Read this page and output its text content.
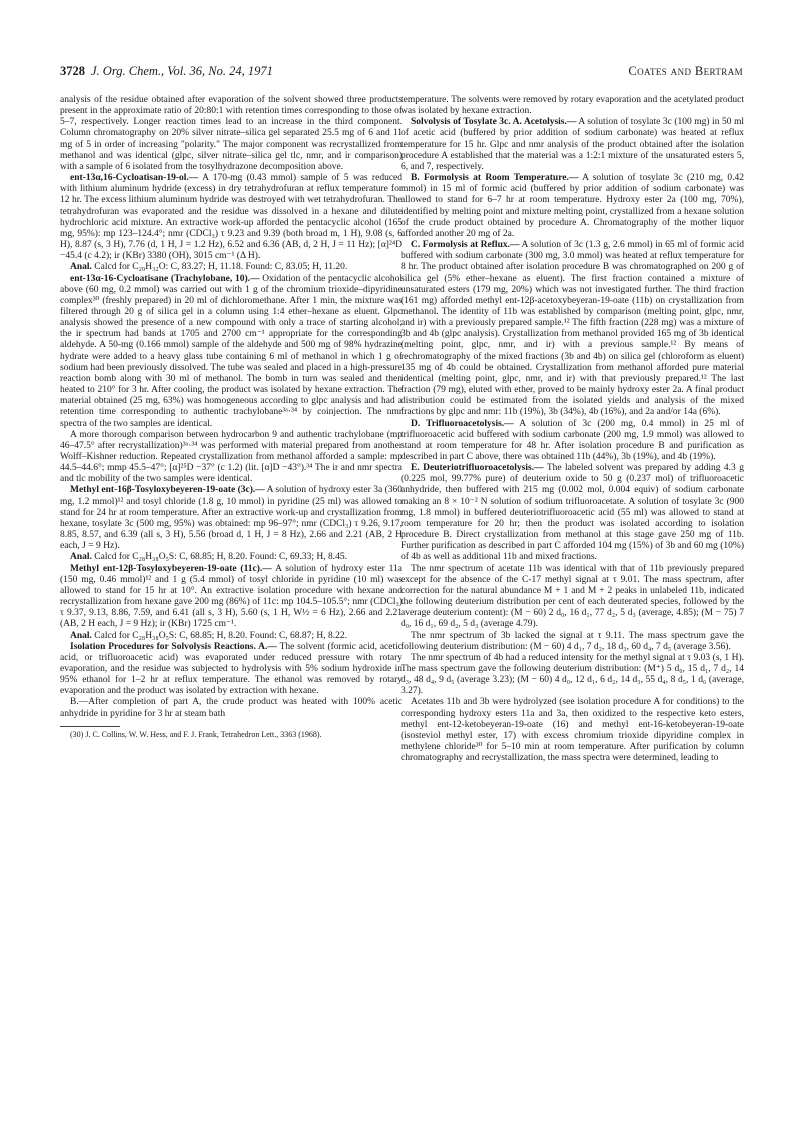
3728 J. Org. Chem., Vol. 36, No. 24, 1971	Coates and Bertram

analysis of the residue obtained after evaporation of the solvent showed three products present in the approximate ratio of 20:80:1 with retention times corresponding to those of 5–7, respectively. Longer reaction times lead to an increase in the third component. Column chromatography on 20% silver nitrate–silica gel separated 25.5 mg of 6 and 11 mg of 5 in order of increasing "polarity." The major component was recrystallized from methanol and was identical (glpc, silver nitrate–silica gel tlc, nmr, and ir comparison) with a sample of 6 isolated from the tosylhydrazone decomposition above.

ent-13α,16-Cycloatisan-19-ol.— A 170-mg (0.43 mmol) sample of 5 was reduced with lithium aluminum hydride (excess) in dry tetrahydrofuran at reflux temperature for 12 hr. The excess lithium aluminum hydride was destroyed with wet tetrahydrofuran. The tetrahydrofuran was evaporated and the residue was dissolved in a hexane and dilute hydrochloric acid mixture. An extractive work-up afforded the pentacyclic alcohol (165 mg, 95%): mp 123–124.4°; nmr (CDCl₃) τ 9.23 and 9.39 (both broad m, 1 H), 9.08 (s, 6 H), 8.87 (s, 3 H), 7.76 (d, 1 H, J = 1.2 Hz), 6.52 and 6.36 (AB, d, 2 H, J = 11 Hz); [α]²⁴D −45.4 (c 4.2); ir (KBr) 3380 (OH), 3015 cm⁻¹ (Δ H).

Anal. Calcd for C₂₀H₃₂O: C, 83.27; H, 11.18. Found: C, 83.05; H, 11.20.

ent-13α-16-Cycloatisane (Trachylobane, 10).— Oxidation of the pentacyclic alcohol above (60 mg, 0.2 mmol) was carried out with 1 g of the chromium trioxide–dipyridine complex³⁰ (freshly prepared) in 20 ml of dichloromethane. After 1 min, the mixture was filtered through 20 g of silica gel in a column using 1:4 ether–hexane as eluent. Glpc analysis showed the presence of a new compound with only a trace of starting alcohol; the ir spectrum had bands at 1705 and 2700 cm⁻¹ appropriate for the corresponding aldehyde. A 50-mg (0.166 mmol) sample of the aldehyde and 500 mg of 98% hydrazine hydrate were added to a heavy glass tube containing 6 ml of methanol in which 1 g of sodium had been previously dissolved. The tube was sealed and placed in a high-pressure reaction bomb along with 30 ml of methanol. The bomb in turn was sealed and then heated to 210° for 3 hr. After cooling, the product was isolated by hexane extraction. The material obtained (25 mg, 63%) was homogeneous according to glpc analysis and had a retention time corresponding to authentic trachylobane³ᵃ·³⁴ by coinjection. The nmr spectra of the two samples are identical.

A more thorough comparison between hydrocarbon 9 and authentic trachylobane (mp 46–47.5° after recrystallization)³ᵃ·³⁴ was performed with material prepared from another Wolff–Kishner reduction. Repeated crystallization from methanol afforded a sample: mp 44.5–44.6°; mmp 45.5–47°; [α]²⁵D −37° (c 1.2) (lit. [α]D −43°).³⁴ The ir and nmr spectra and tlc mobility of the two samples were identical.

Methyl ent-16β-Tosyloxybeyeren-19-oate (3c).— A solution of hydroxy ester 3a (360 mg, 1.2 mmol)¹² and tosyl chloride (1.8 g, 10 mmol) in pyridine (25 ml) was allowed to stand for 24 hr at room temperature. After an extractive work-up and crystallization from hexane, tosylate 3c (500 mg, 95%) was obtained: mp 96–97°; nmr (CDCl₃) τ 9.26, 9.17, 8.85, 8.57, and 6.39 (all s, 3 H), 5.56 (broad d, 1 H, J = 8 Hz), 2.66 and 2.21 (AB, 2 H each, J = 9 Hz).

Anal. Calcd for C₂₈H₃₈O₅S: C, 68.85; H, 8.20. Found: C, 69.33; H, 8.45.

Methyl ent-12β-Tosyloxybeyeren-19-oate (11c).— A solution of hydroxy ester 11a (150 mg, 0.46 mmol)¹² and 1 g (5.4 mmol) of tosyl chloride in pyridine (10 ml) was allowed to stand for 15 hr at 10°. An extractive isolation procedure with hexane and recrystallization from hexane gave 200 mg (86%) of 11c: mp 104.5–105.5°; nmr (CDCl₃) τ 9.37, 9.13, 8.86, 7.59, and 6.41 (all s, 3 H), 5.60 (s, 1 H, W½ = 6 Hz), 2.66 and 2.21 (AB, 2 H each, J = 9 Hz); ir (KBr) 1725 cm⁻¹.

Anal. Calcd for C₂₈H₃₈O₅S: C, 68.85; H, 8.20. Found: C, 68.87; H, 8.22.

Isolation Procedures for Solvolysis Reactions. A.— The solvent (formic acid, acetic acid, or trifluoroacetic acid) was evaporated under reduced pressure with rotary evaporation, and the residue was subjected to hydrolysis with 5% sodium hydroxide in 95% ethanol for 1–2 hr at reflux temperature. The ethanol was removed by rotary evaporation and the product was isolated by extraction with hexane.

B.—After completion of part A, the crude product was heated with 100% acetic anhydride in pyridine for 3 hr at steam bath

(30) J. C. Collins, W. W. Hess, and F. J. Frank, Tetrahedron Lett., 3363 (1968).

temperature. The solvents were removed by rotary evaporation and the acetylated product was isolated by hexane extraction.

Solvolysis of Tosylate 3c. A. Acetolysis.— A solution of tosylate 3c (100 mg) in 50 ml of acetic acid (buffered by prior addition of sodium carbonate) was heated at reflux temperature for 15 hr. Glpc and nmr analysis of the product obtained after the isolation procedure A established that the material was a 1:2:1 mixture of the unsaturated esters 5, 6, and 7, respectively.

B. Formolysis at Room Temperature.— A solution of tosylate 3c (210 mg, 0.42 mmol) in 15 ml of formic acid (buffered by prior addition of sodium carbonate) was allowed to stand for 6–7 hr at room temperature. Hydroxy ester 2a (100 mg, 70%), identified by melting point and mixture melting point, crystallized from a hexane solution of the crude product obtained by procedure A. Chromatography of the mother liquor afforded another 20 mg of 2a.

C. Formolysis at Reflux.— A solution of 3c (1.3 g, 2.6 mmol) in 65 ml of formic acid buffered with sodium carbonate (300 mg, 3.0 mmol) was heated at reflux temperature for 8 hr. The product obtained after isolation procedure B was chromatographed on 200 g of silica gel (5% ether–hexane as eluent). The first fraction contained a mixture of unsaturated esters (179 mg, 20%) which was not investigated further. The third fraction (161 mg) afforded methyl ent-12β-acetoxybeyeran-19-oate (11b) on crystallization from methanol. The identity of 11b was established by comparison (melting point, glpc, nmr, and ir) with a previously prepared sample.¹² The fifth fraction (228 mg) was a mixture of 3b and 4b (glpc analysis). Crystallization from methanol provided 165 mg of 3b identical (melting point, glpc, nmr, and ir) with a previous sample.¹² By means of rechromatography of the mixed fractions (3b and 4b) on silica gel (chloroform as eluent) 135 mg of 4b could be obtained. Crystallization from methanol afforded pure material identical (melting point, glpc, nmr, and ir) with that previously prepared.¹² The last fraction (79 mg), eluted with ether, proved to be mainly hydroxy ester 2a. A final product distribution could be estimated from the isolated yields and analysis of the mixed fractions by glpc and nmr: 11b (19%), 3b (34%), 4b (16%), and 2a and/or 14a (6%).

D. Trifluoroacetolysis.— A solution of 3c (200 mg, 0.4 mmol) in 25 ml of trifluoroacetic acid buffered with sodium carbonate (200 mg, 1.9 mmol) was allowed to stand at room temperature for 48 hr. After isolation procedure B and purification as described in part C above, there was obtained 11b (44%), 3b (19%), and 4b (19%).

E. Deuteriotrifluoroacetolysis.— The labeled solvent was prepared by adding 4.3 g (0.225 mol, 99.77% pure) of deuterium oxide to 50 g (0.237 mol) of trifluoroacetic anhydride, then buffered with 215 mg (0.002 mol, 0.004 equiv) of sodium carbonate making an 8 × 10⁻² N solution of sodium trifluoroacetate. A solution of tosylate 3c (900 mg, 1.8 mmol) in buffered deuteriotrifluoroacetic acid (55 ml) was allowed to stand at room temperature for 20 hr; then the product was isolated according to isolation procedure B. Direct crystallization from methanol at this stage gave 250 mg of 11b. Further purification as described in part C afforded 104 mg (15%) of 3b and 60 mg (10%) of 4b as well as additional 11b and mixed fractions.

The nmr spectrum of acetate 11b was identical with that of 11b previously prepared except for the absence of the C-17 methyl signal at τ 9.01. The mass spectrum, after correction for the natural abundance M + 1 and M + 2 peaks in unlabeled 11b, indicated the following deuterium distribution per cent of each deuterated species, followed by the average deuterium content): (M − 60) 2 d₀, 16 d₁, 77 d₂, 5 d₃ (average, 4.85); (M − 75) 7 d₀, 16 d₁, 69 d₂, 5 d₃ (average 4.79).

The nmr spectrum of 3b lacked the signal at τ 9.11. The mass spectrum gave the following deuterium distribution: (M − 60) 4 d₁, 7 d₂, 18 d₃, 60 d₄, 7 d₅ (average 3.56).

The nmr spectrum of 4b had a reduced intensity for the methyl signal at τ 9.03 (s, 1 H). The mass spectrum gave the following deuterium distribution: (M⁺) 5 d₀, 15 d₁, 7 d₂, 14 d₃, 48 d₄, 9 d₅ (average 3.23); (M − 60) 4 d₀, 12 d₁, 6 d₂, 14 d₃, 55 d₄, 8 d₅, 1 d₆ (average, 3.27).

Acetates 11b and 3b were hydrolyzed (see isolation procedure A for conditions) to the corresponding hydroxy esters 11a and 3a, then oxidized to the respective keto esters, methyl ent-12-ketobeyeran-19-oate (16) and methyl ent-16-ketobeyeran-19-oate (isosteviol methyl ester, 17) with excess chromium trioxide dipyridine complex in methylene chloride³⁰ for 5–10 min at room temperature. After purification by column chromatography and recrystallization, the mass spectra were determined, leading to
